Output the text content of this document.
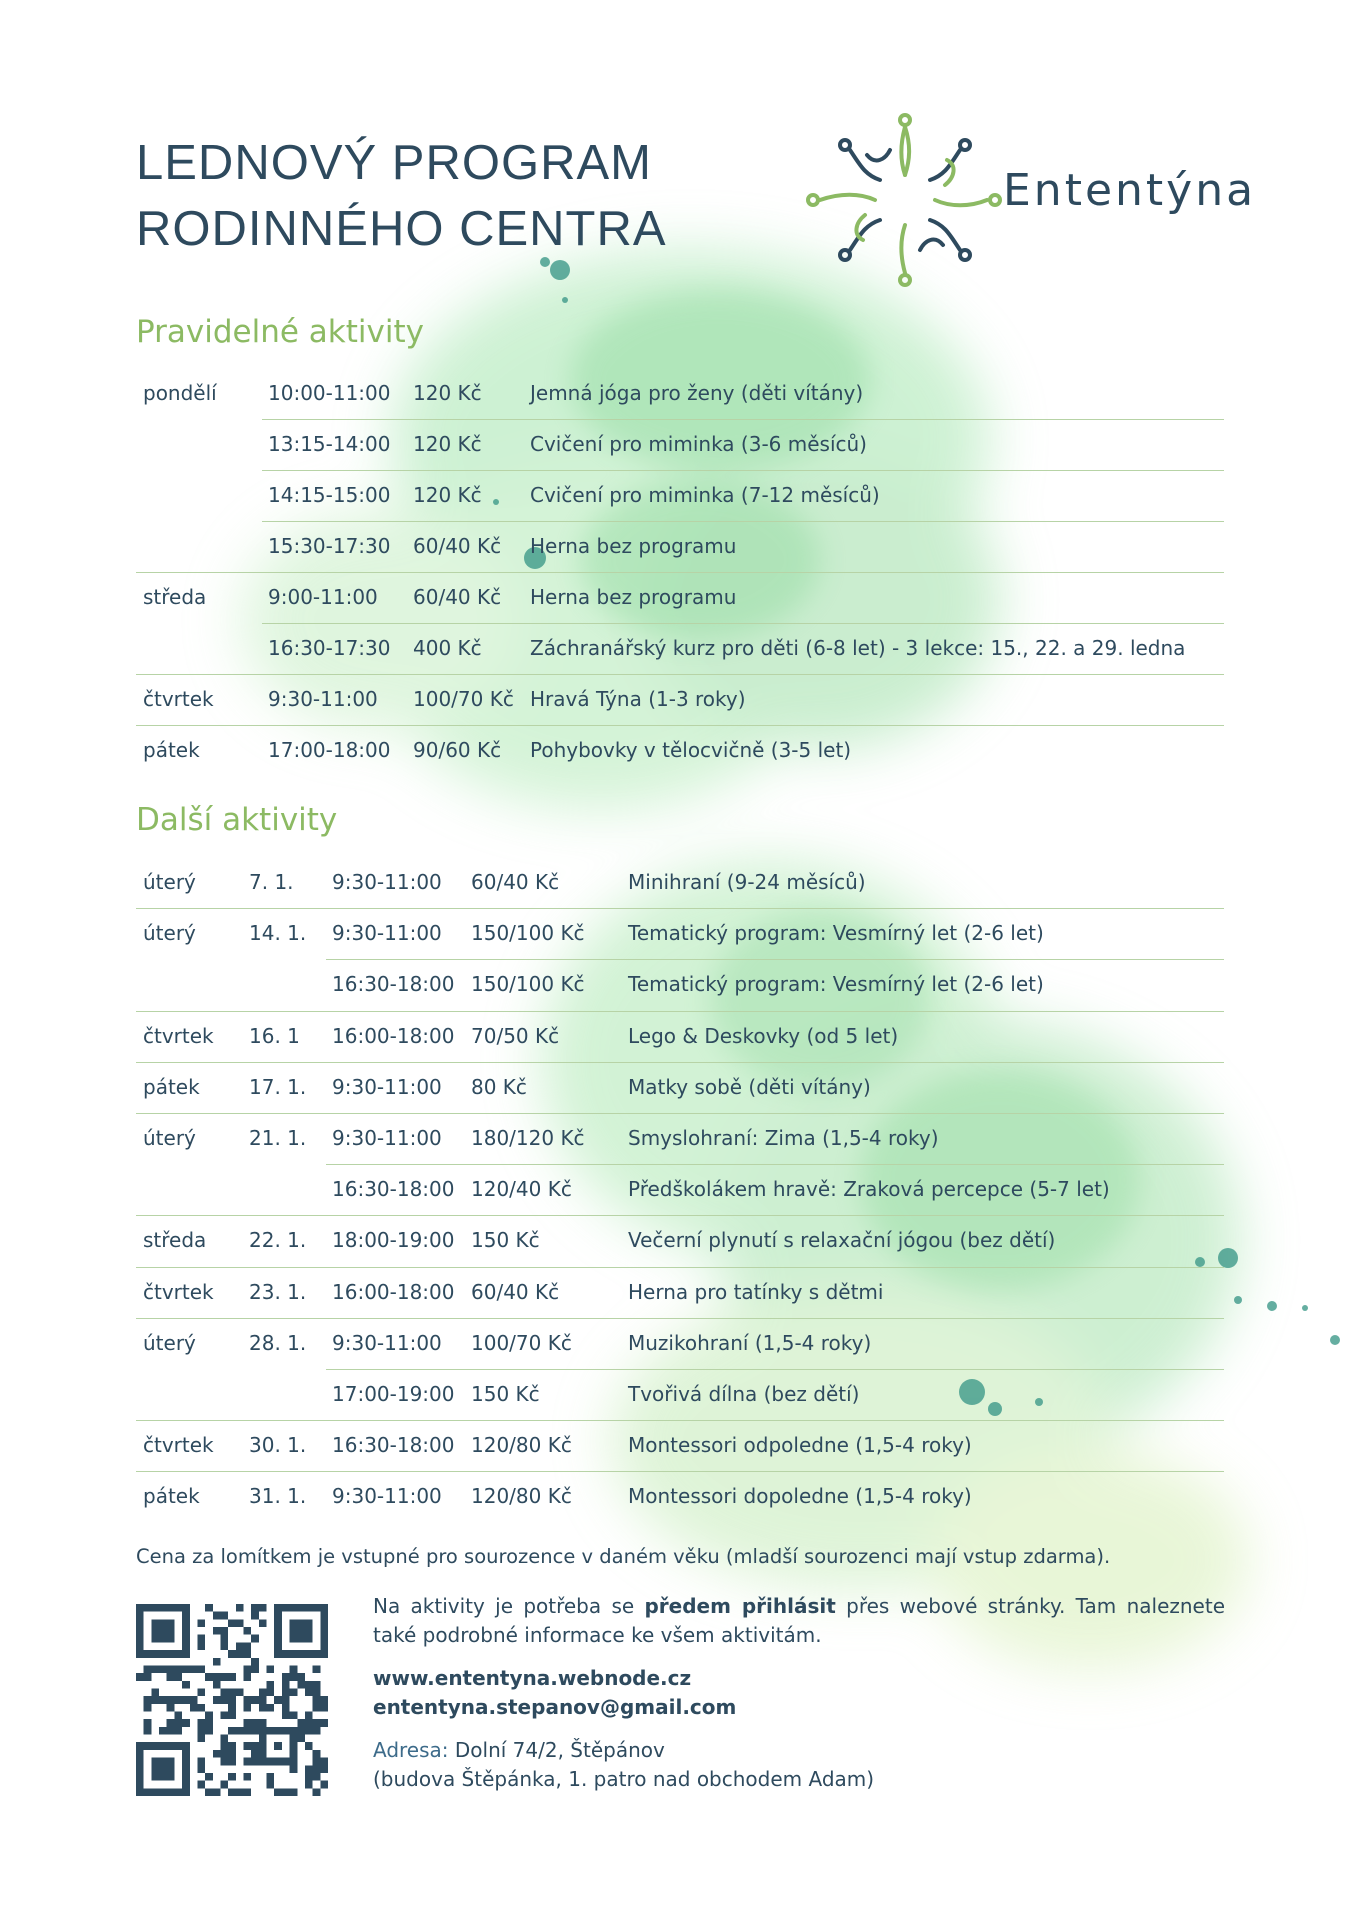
LEDNOVÝ PROGRAM
RODINNÉHO CENTRA
Ententýna
Pravidelné aktivity
pondělí	10:00-11:00 120 Kč Jemná jóga pro ženy (děti vítány)
13:15-14:00 120 Kč Cvičení pro miminka (3-6 měsíců)
14:15-15:00 120 Kč Cvičení pro miminka (7-12 měsíců)
15:30-17:30 60/40 Kč Herna bez programu
středa	9:00-11:00 60/40 Kč Herna bez programu
16:30-17:30 400 Kč Záchranářský kurz pro děti (6-8 let) - 3 lekce: 15., 22. a 29. ledna
čtvrtek	9:30-11:00 100/70 Kč Hravá Týna (1-3 roky)
pátek	17:00-18:00 90/60 Kč Pohybovky v tělocvičně (3-5 let)
Další aktivity
úterý	7. 1. 9:30-11:00 60/40 Kč	Minihraní (9-24 měsíců)
úterý	14. 1. 9:30-11:00 150/100 Kč Tematický program: Vesmírný let (2-6 let)
16:30-18:00 150/100 Kč Tematický program: Vesmírný let (2-6 let)
čtvrtek 16. 1 16:00-18:00 70/50 Kč	Lego & Deskovky (od 5 let)
pátek 17. 1. 9:30-11:00 80 Kč	Matky sobě (děti vítány)
úterý	21. 1. 9:30-11:00 180/120 Kč Smyslohraní: Zima (1,5-4 roky)
16:30-18:00 120/40 Kč	Předškolákem hravě: Zraková percepce (5-7 let)
středa 22. 1. 18:00-19:00 150 Kč	Večerní plynutí s relaxační jógou (bez dětí)
čtvrtek 23. 1. 16:00-18:00 60/40 Kč	Herna pro tatínky s dětmi
úterý	28. 1. 9:30-11:00 100/70 Kč	Muzikohraní (1,5-4 roky)
17:00-19:00 150 Kč	Tvořivá dílna (bez dětí)
čtvrtek 30. 1. 16:30-18:00 120/80 Kč	Montessori odpoledne (1,5-4 roky)
pátek 31. 1. 9:30-11:00 120/80 Kč	Montessori dopoledne (1,5-4 roky)
Cena za lomítkem je vstupné pro sourozence v daném věku (mladší sourozenci mají vstup zdarma).

Na aktivity je potřeba se předem přihlásit přes webové stránky. Tam naleznete také podrobné informace ke všem aktivitám.

www.ententyna.webnode.cz

ententyna.stepanov@gmail.com

Adresa: Dolní 74/2, Štěpánov

(budova Štěpánka, 1. patro nad obchodem Adam)
